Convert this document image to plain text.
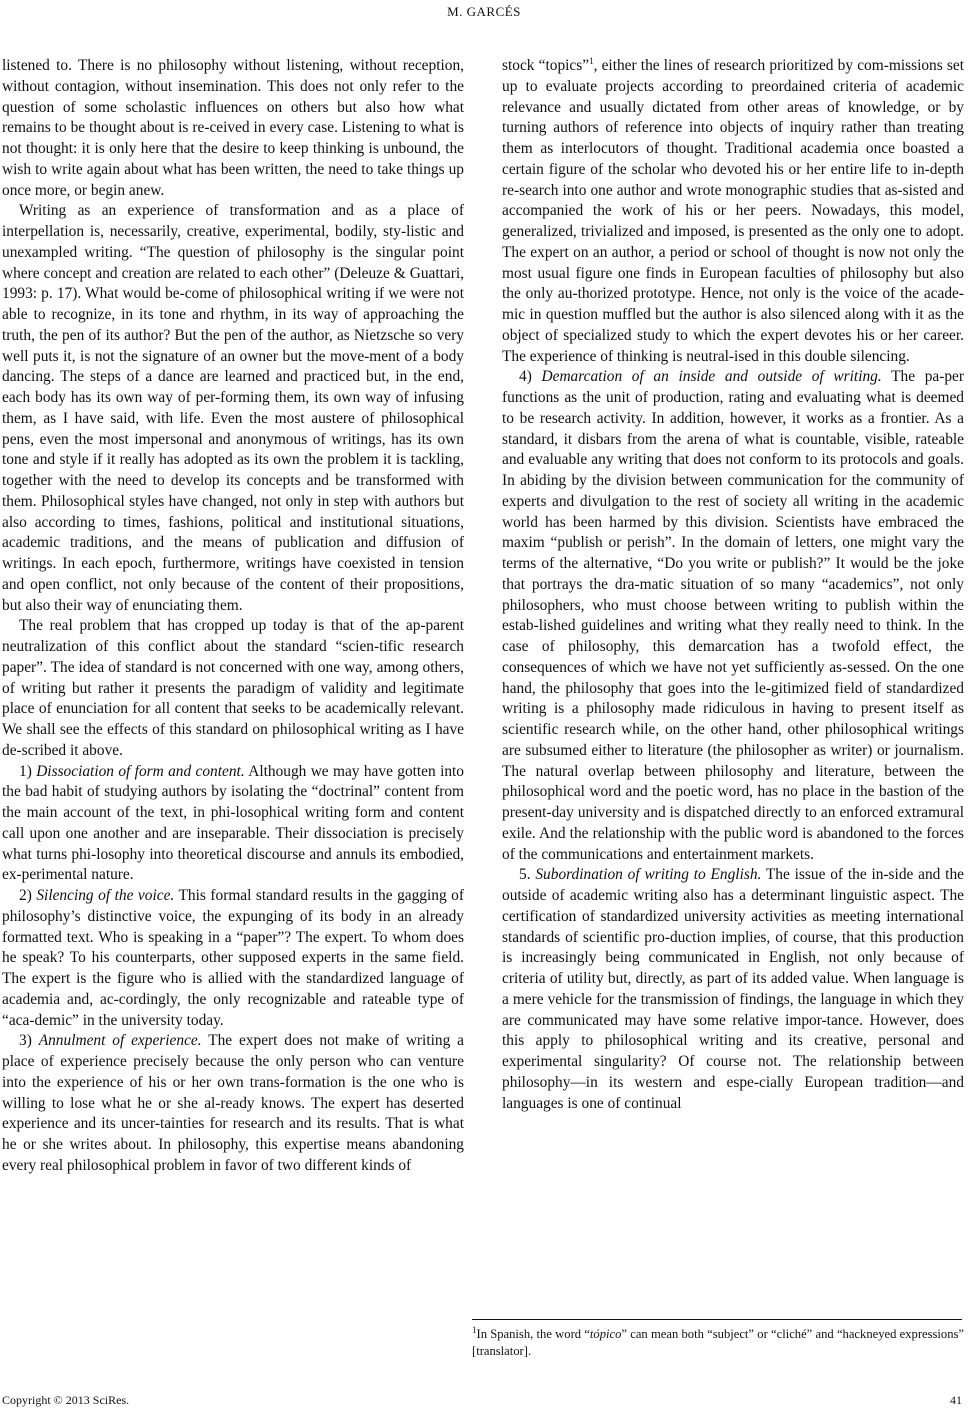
M. GARCÉS

listened to. There is no philosophy without listening, without reception, without contagion, without insemination. This does not only refer to the question of some scholastic influences on others but also how what remains to be thought about is re-ceived in every case. Listening to what is not thought: it is only here that the desire to keep thinking is unbound, the wish to write again about what has been written, the need to take things up once more, or begin anew.

Writing as an experience of transformation and as a place of interpellation is, necessarily, creative, experimental, bodily, sty-listic and unexampled writing. “The question of philosophy is the singular point where concept and creation are related to each other” (Deleuze & Guattari, 1993: p. 17). What would be-come of philosophical writing if we were not able to recognize, in its tone and rhythm, in its way of approaching the truth, the pen of its author? But the pen of the author, as Nietzsche so very well puts it, is not the signature of an owner but the move-ment of a body dancing. The steps of a dance are learned and practiced but, in the end, each body has its own way of per-forming them, its own way of infusing them, as I have said, with life. Even the most austere of philosophical pens, even the most impersonal and anonymous of writings, has its own tone and style if it really has adopted as its own the problem it is tackling, together with the need to develop its concepts and be transformed with them. Philosophical styles have changed, not only in step with authors but also according to times, fashions, political and institutional situations, academic traditions, and the means of publication and diffusion of writings. In each epoch, furthermore, writings have coexisted in tension and open conflict, not only because of the content of their propositions, but also their way of enunciating them.

The real problem that has cropped up today is that of the ap-parent neutralization of this conflict about the standard “scien-tific research paper”. The idea of standard is not concerned with one way, among others, of writing but rather it presents the paradigm of validity and legitimate place of enunciation for all content that seeks to be academically relevant. We shall see the effects of this standard on philosophical writing as I have de-scribed it above.

1) Dissociation of form and content. Although we may have gotten into the bad habit of studying authors by isolating the “doctrinal” content from the main account of the text, in phi-losophical writing form and content call upon one another and are inseparable. Their dissociation is precisely what turns phi-losophy into theoretical discourse and annuls its embodied, ex-perimental nature.

2) Silencing of the voice. This formal standard results in the gagging of philosophy’s distinctive voice, the expunging of its body in an already formatted text. Who is speaking in a “paper”? The expert. To whom does he speak? To his counterparts, other supposed experts in the same field. The expert is the figure who is allied with the standardized language of academia and, ac-cordingly, the only recognizable and rateable type of “aca-demic” in the university today.

3) Annulment of experience. The expert does not make of writing a place of experience precisely because the only person who can venture into the experience of his or her own trans-formation is the one who is willing to lose what he or she al-ready knows. The expert has deserted experience and its uncer-tainties for research and its results. That is what he or she writes about. In philosophy, this expertise means abandoning every real philosophical problem in favor of two different kinds of

stock “topics”$^1$, either the lines of research prioritized by com-missions set up to evaluate projects according to preordained criteria of academic relevance and usually dictated from other areas of knowledge, or by turning authors of reference into objects of inquiry rather than treating them as interlocutors of thought. Traditional academia once boasted a certain figure of the scholar who devoted his or her entire life to in-depth re-search into one author and wrote monographic studies that as-sisted and accompanied the work of his or her peers. Nowadays, this model, generalized, trivialized and imposed, is presented as the only one to adopt. The expert on an author, a period or school of thought is now not only the most usual figure one finds in European faculties of philosophy but also the only au-thorized prototype. Hence, not only is the voice of the acade-mic in question muffled but the author is also silenced along with it as the object of specialized study to which the expert devotes his or her career. The experience of thinking is neutral-ised in this double silencing.

4) Demarcation of an inside and outside of writing. The pa-per functions as the unit of production, rating and evaluating what is deemed to be research activity. In addition, however, it works as a frontier. As a standard, it disbars from the arena of what is countable, visible, rateable and evaluable any writing that does not conform to its protocols and goals. In abiding by the division between communication for the community of experts and divulgation to the rest of society all writing in the academic world has been harmed by this division. Scientists have embraced the maxim “publish or perish”. In the domain of letters, one might vary the terms of the alternative, “Do you write or publish?” It would be the joke that portrays the dra-matic situation of so many “academics”, not only philosophers, who must choose between writing to publish within the estab-lished guidelines and writing what they really need to think. In the case of philosophy, this demarcation has a twofold effect, the consequences of which we have not yet sufficiently as-sessed. On the one hand, the philosophy that goes into the le-gitimized field of standardized writing is a philosophy made ridiculous in having to present itself as scientific research while, on the other hand, other philosophical writings are subsumed either to literature (the philosopher as writer) or journalism. The natural overlap between philosophy and literature, between the philosophical word and the poetic word, has no place in the bastion of the present-day university and is dispatched directly to an enforced extramural exile. And the relationship with the public word is abandoned to the forces of the communications and entertainment markets.

5. Subordination of writing to English. The issue of the in-side and the outside of academic writing also has a determinant linguistic aspect. The certification of standardized university activities as meeting international standards of scientific pro-duction implies, of course, that this production is increasingly being communicated in English, not only because of criteria of utility but, directly, as part of its added value. When language is a mere vehicle for the transmission of findings, the language in which they are communicated may have some relative impor-tance. However, does this apply to philosophical writing and its creative, personal and experimental singularity? Of course not. The relationship between philosophy—in its western and espe-cially European tradition—and languages is one of continual

$^1$In Spanish, the word “tópico” can mean both “subject” or “cliché” and “hackneyed expressions” [translator].
Copyright © 2013 SciRes.	41
